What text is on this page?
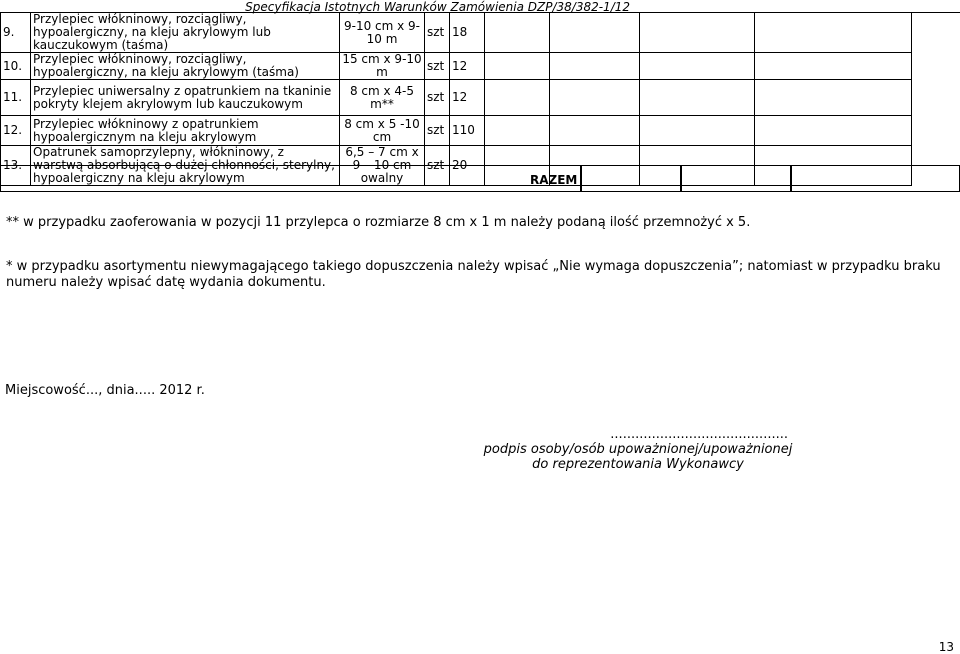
Specyfikacja Istotnych Warunków Zamówienia DZP/38/382-1/12
9.	Przylepiec włókninowy, rozciągliwy, hypoalergiczny, na kleju akrylowym lub kauczukowym (taśma)	9-10 cm x 9-10 m	szt	18				
10.	Przylepiec włókninowy, rozciągliwy, hypoalergiczny, na kleju akrylowym (taśma)	15 cm x 9-10 m	szt	12				
11.	Przylepiec uniwersalny z opatrunkiem na tkaninie pokryty klejem akrylowym lub kauczukowym	8 cm x 4-5 m**	szt	12				
12.	Przylepiec włókninowy z opatrunkiem hypoalergicznym na kleju akrylowym	8 cm x 5 -10 cm	szt	110				
13.	Opatrunek samoprzylepny, włókninowy, z warstwą absorbującą o dużej chłonności, sterylny, hypoalergiczny na kleju akrylowym	6,5 – 7 cm x 9 – 10 cm owalny	szt	20				
RAZEM
** w przypadku zaoferowania w pozycji 11 przylepca o rozmiarze 8 cm x 1 m należy podaną ilość przemnożyć x 5.
* w przypadku asortymentu niewymagającego takiego dopuszczenia należy wpisać „Nie wymaga dopuszczenia”; natomiast w przypadku braku numeru należy wpisać datę wydania dokumentu.
Miejscowość..., dnia..... 2012 r.
...........................................
podpis osoby/osób upoważnionej/upoważnionej
do reprezentowania Wykonawcy
13
